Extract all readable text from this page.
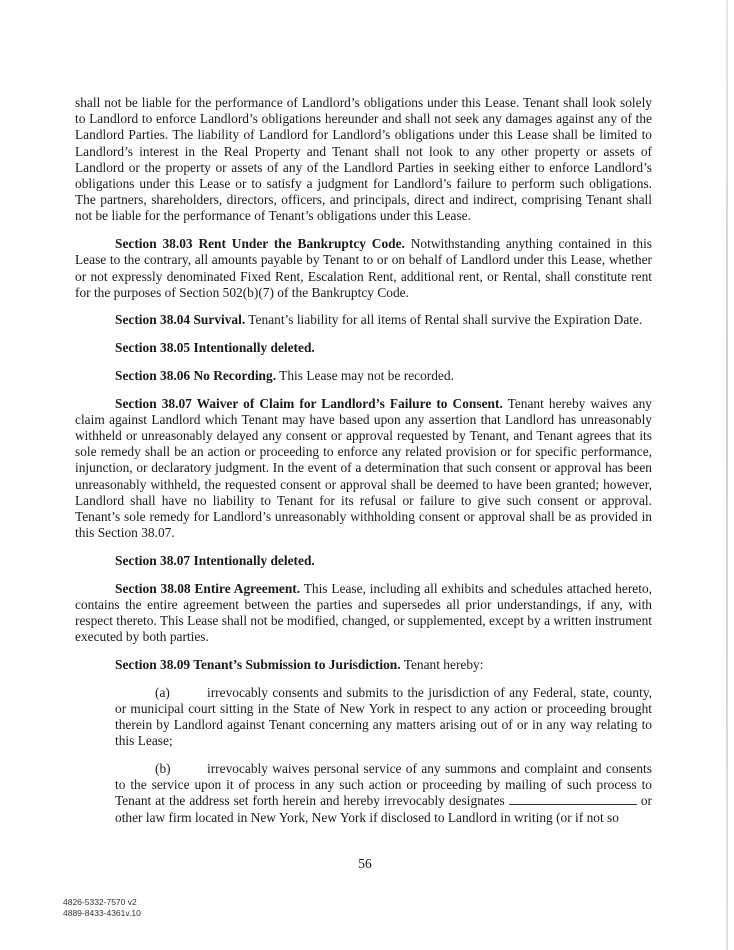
shall not be liable for the performance of Landlord’s obligations under this Lease. Tenant shall look solely to Landlord to enforce Landlord’s obligations hereunder and shall not seek any damages against any of the Landlord Parties. The liability of Landlord for Landlord’s obligations under this Lease shall be limited to Landlord’s interest in the Real Property and Tenant shall not look to any other property or assets of Landlord or the property or assets of any of the Landlord Parties in seeking either to enforce Landlord’s obligations under this Lease or to satisfy a judgment for Landlord’s failure to perform such obligations. The partners, shareholders, directors, officers, and principals, direct and indirect, comprising Tenant shall not be liable for the performance of Tenant’s obligations under this Lease.

Section 38.03 Rent Under the Bankruptcy Code. Notwithstanding anything contained in this Lease to the contrary, all amounts payable by Tenant to or on behalf of Landlord under this Lease, whether or not expressly denominated Fixed Rent, Escalation Rent, additional rent, or Rental, shall constitute rent for the purposes of Section 502(b)(7) of the Bankruptcy Code.

Section 38.04 Survival. Tenant’s liability for all items of Rental shall survive the Expiration Date.

Section 38.05 Intentionally deleted.

Section 38.06 No Recording. This Lease may not be recorded.

Section 38.07 Waiver of Claim for Landlord’s Failure to Consent. Tenant hereby waives any claim against Landlord which Tenant may have based upon any assertion that Landlord has unreasonably withheld or unreasonably delayed any consent or approval requested by Tenant, and Tenant agrees that its sole remedy shall be an action or proceeding to enforce any related provision or for specific performance, injunction, or declaratory judgment. In the event of a determination that such consent or approval has been unreasonably withheld, the requested consent or approval shall be deemed to have been granted; however, Landlord shall have no liability to Tenant for its refusal or failure to give such consent or approval. Tenant’s sole remedy for Landlord’s unreasonably withholding consent or approval shall be as provided in this Section 38.07.

Section 38.07 Intentionally deleted.

Section 38.08 Entire Agreement. This Lease, including all exhibits and schedules attached hereto, contains the entire agreement between the parties and supersedes all prior understandings, if any, with respect thereto. This Lease shall not be modified, changed, or supplemented, except by a written instrument executed by both parties.

Section 38.09 Tenant’s Submission to Jurisdiction. Tenant hereby:

(a)	irrevocably consents and submits to the jurisdiction of any Federal, state, county, or municipal court sitting in the State of New York in respect to any action or proceeding brought therein by Landlord against Tenant concerning any matters arising out of or in any way relating to this Lease;

(b)	irrevocably waives personal service of any summons and complaint and consents to the service upon it of process in any such action or proceeding by mailing of such process to Tenant at the address set forth herein and hereby irrevocably designates	or other law firm located in New York, New York if disclosed to Landlord in writing (or if not so

56
4826-5332-7570 v2
4889-8433-4361v.10
